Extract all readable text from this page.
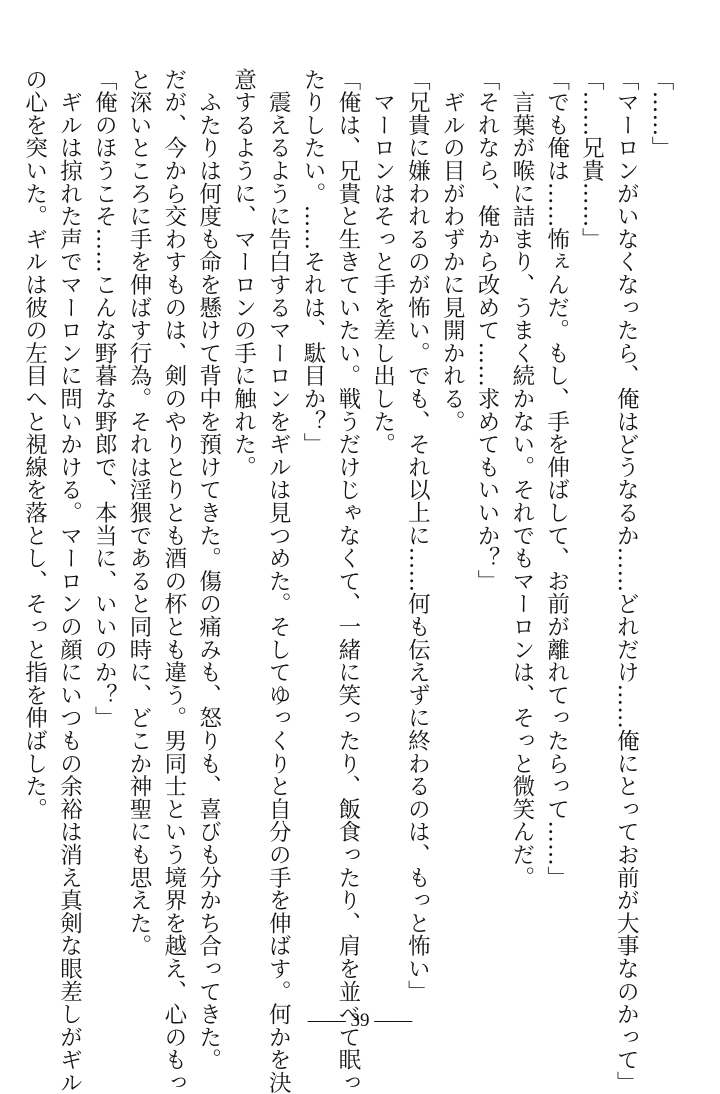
「……」
「マーロンがいなくなったら、俺はどうなるか……どれだけ……俺にとってお前が大事なのかって」
「……兄貴……」
「でも俺は……怖ぇんだ。もし、手を伸ばして、お前が離れてったらって……」
　言葉が喉に詰まり、うまく続かない。それでもマーロンは、そっと微笑んだ。
「それなら、俺から改めて……求めてもいいか？」
　ギルの目がわずかに見開かれる。
「兄貴に嫌われるのが怖い。でも、それ以上に……何も伝えずに終わるのは、もっと怖い」
　マーロンはそっと手を差し出した。
「俺は、兄貴と生きていたい。戦うだけじゃなくて、一緒に笑ったり、飯食ったり、肩を並べて眠っ
たりしたい。……それは、駄目か？」
　震えるように告白するマーロンをギルは見つめた。そしてゆっくりと自分の手を伸ばす。何かを決
意するように、マーロンの手に触れた。
　ふたりは何度も命を懸けて背中を預けてきた。傷の痛みも、怒りも、喜びも分かち合ってきた。
だが、今から交わすものは、剣のやりとりとも酒の杯とも違う。男同士という境界を越え、心のもっ
と深いところに手を伸ばす行為。それは淫猥であると同時に、どこか神聖にも思えた。
「俺のほうこそ……こんな野暮な野郎で、本当に、いいのか？」
　ギルは掠れた声でマーロンに問いかける。マーロンの顔にいつもの余裕は消え真剣な眼差しがギル
の心を突いた。ギルは彼の左目へと視線を落とし、そっと指を伸ばした。
―― 39 ――
